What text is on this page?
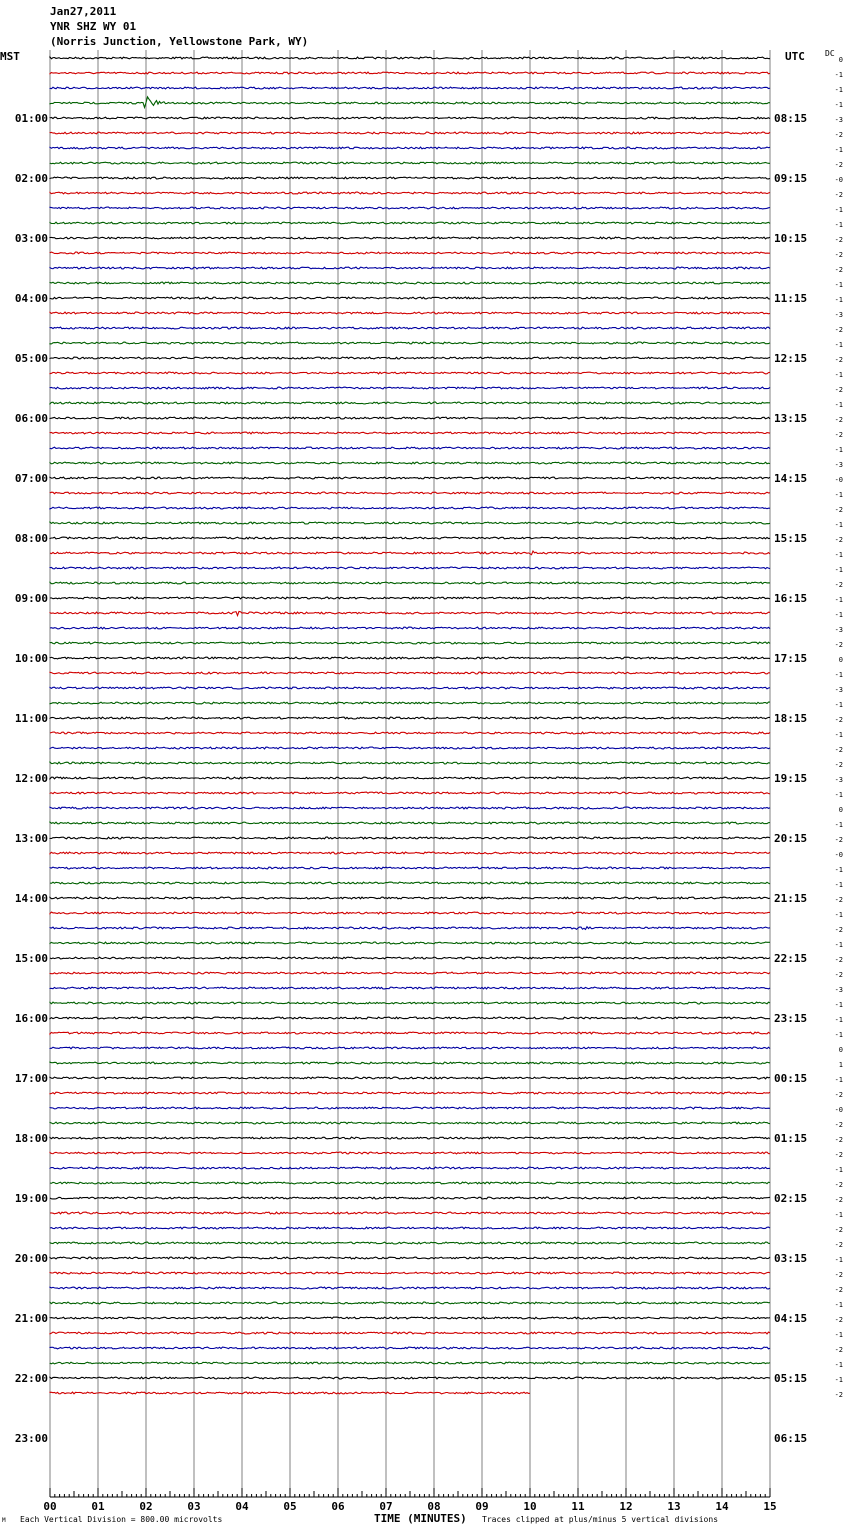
Jan27,2011
YNR SHZ WY 01
(Norris Junction, Yellowstone Park, WY)
MST	UTC	DC
00	01	02	03	04	05	06	07	08	09	10	11	12	13	14	15
0
-1
-1
-1
-3
-2
-1
-2
-0
-2
-1
-1
-2
-2
-2
-1
-1
-3
-2
-1
-2
-1
-2
-1
-2
-2
-1
-3
-0
-1
-2
-1
-2
-1
-1
-2
-1
-1
-3
-2
0
-1
-3
-1
-2
-1
-2
-2
-3
-1
0
-1
-2
-0
-1
-1
-2
-1
-2
-1
-2
-2
-3
-1
-1
-1
0
1
-1
-2
-0
-2
-2
-2
-1
-2
-2
-1
-2
-2
-1
-2
-2
-1
-2
-1
-2
-1
-1
-2
01:00
02:00
03:00
04:00
05:00
06:00
07:00
08:00
09:00
10:00
11:00
12:00
13:00
14:00
15:00
16:00
17:00
18:00
19:00
20:00
21:00
22:00
23:00
08:15
09:15
10:15
11:15
12:15
13:15
14:15
15:15
16:15
17:15
18:15
19:15
20:15
21:15
22:15
23:15
00:15
01:15
02:15
03:15
04:15
05:15
06:15
M Each Vertical Division = 800.00 microvolts	TIME (MINUTES) Traces clipped at plus/minus 5 vertical divisions
